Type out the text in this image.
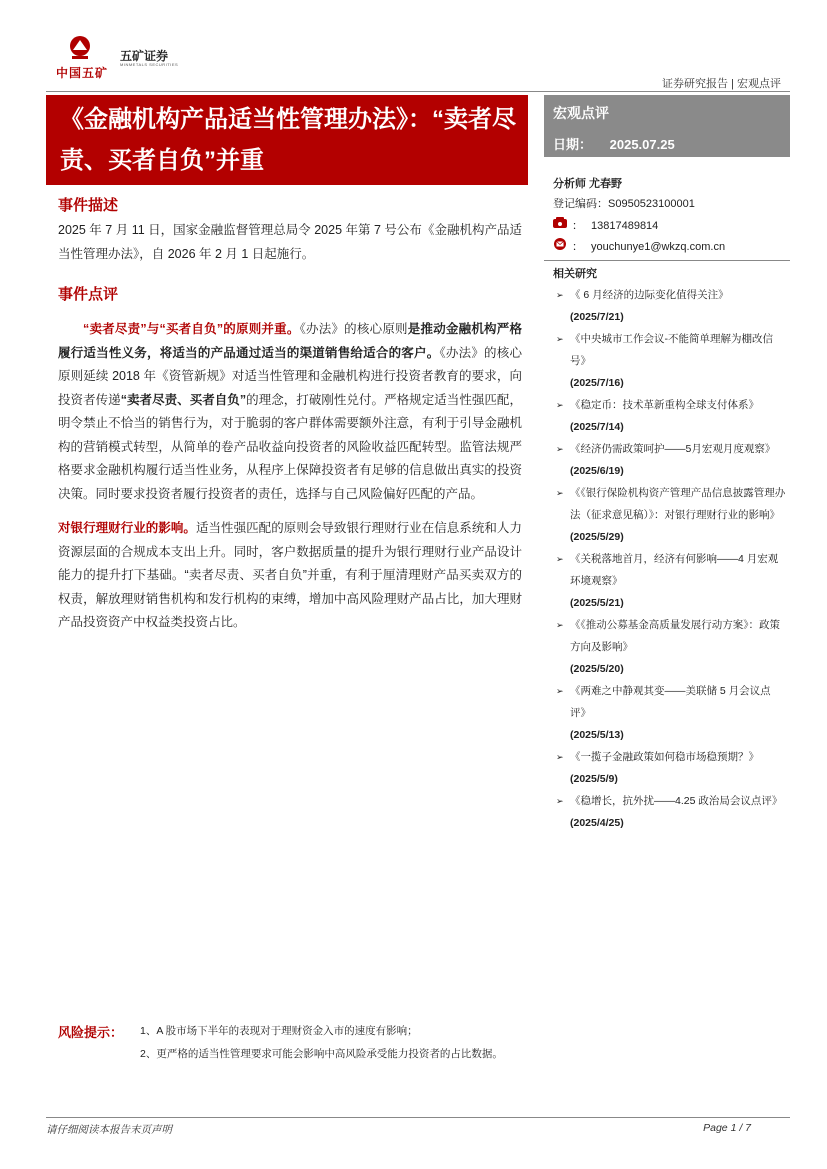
中国五矿
五矿证券
MINMETALS SECURITIES
证券研究报告 | 宏观点评
《金融机构产品适当性管理办法》：“卖者尽责、买者自负”并重
宏观点评
日期： 2025.07.25
分析师 尤春野
登记编码：S0950523100001
： 13817489814
： youchunye1@wkzq.com.cn
相关研究
➢ 《 6 月经济的边际变化值得关注》
(2025/7/21)
➢ 《中央城市工作会议-不能简单理解为棚改信号》
(2025/7/16)
➢ 《稳定币：技术革新重构全球支付体系》
(2025/7/14)
➢ 《经济仍需政策呵护——5月宏观月度观察》
(2025/6/19)
➢ 《《银行保险机构资产管理产品信息披露管理办法（征求意见稿）》：对银行理财行业的影响》
(2025/5/29)
➢ 《关税落地首月，经济有何影响——4 月宏观环境观察》
(2025/5/21)
➢ 《《推动公募基金高质量发展行动方案》：政策方向及影响》
(2025/5/20)
➢ 《两难之中静观其变——美联储 5 月会议点评》
(2025/5/13)
➢ 《一揽子金融政策如何稳市场稳预期？》
(2025/5/9)
➢ 《稳增长，抗外扰——4.25 政治局会议点评》
(2025/4/25)
事件描述
2025 年 7 月 11 日，国家金融监督管理总局令 2025 年第 7 号公布《金融机构产品适当性管理办法》，自 2026 年 2 月 1 日起施行。
事件点评

“卖者尽责”与“买者自负”的原则并重。《办法》的核心原则是推动金融机构严格履行适当性义务，将适当的产品通过适当的渠道销售给适合的客户。《办法》的核心原则延续 2018 年《资管新规》对适当性管理和金融机构进行投资者教育的要求，向投资者传递“卖者尽责、买者自负”的理念，打破刚性兑付。严格规定适当性强匹配，明令禁止不恰当的销售行为，对于脆弱的客户群体需要额外注意，有利于引导金融机构的营销模式转型，从简单的卷产品收益向投资者的风险收益匹配转型。监管法规严格要求金融机构履行适当性业务，从程序上保障投资者有足够的信息做出真实的投资决策。同时要求投资者履行投资者的责任，选择与自己风险偏好匹配的产品。

对银行理财行业的影响。适当性强匹配的原则会导致银行理财行业在信息系统和人力资源层面的合规成本支出上升。同时，客户数据质量的提升为银行理财行业产品设计能力的提升打下基础。“卖者尽责、买者自负”并重，有利于厘清理财产品买卖双方的权责，解放理财销售机构和发行机构的束缚，增加中高风险理财产品占比，加大理财产品投资资产中权益类投资占比。

风险提示： 1、A 股市场下半年的表现对于理财资金入市的速度有影响；
2、更严格的适当性管理要求可能会影响中高风险承受能力投资者的占比数据。
请仔细阅读本报告末页声明	Page 1 / 7
